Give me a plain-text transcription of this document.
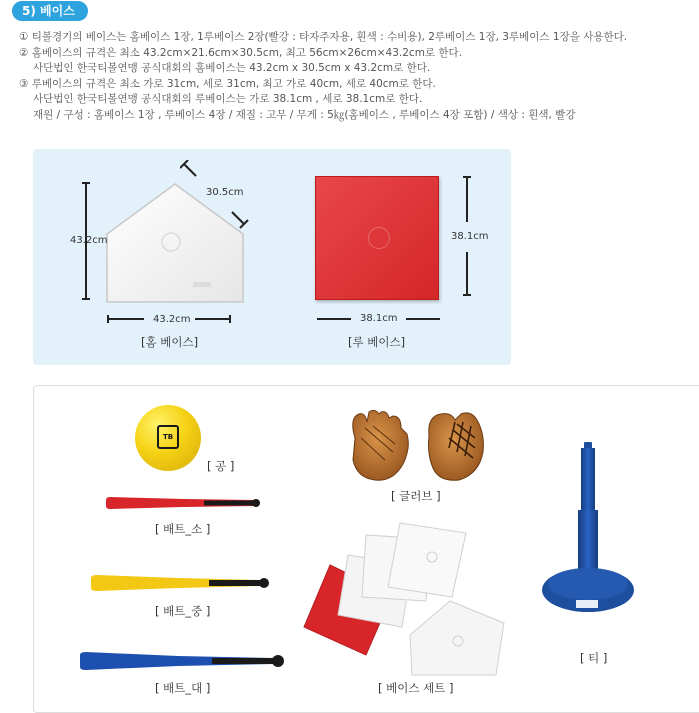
5) 베이스
① 티볼경기의 베이스는 홈베이스 1장, 1루베이스 2장(빨강 : 타자주자용, 흰색 : 수비용), 2루베이스 1장, 3루베이스 1장을 사용한다.
② 홈베이스의 규격은 최소 43.2cm×21.6cm×30.5cm, 최고 56cm×26cm×43.2cm로 한다.
사단법인 한국티볼연맹 공식대회의 홈베이스는 43.2cm x 30.5cm x 43.2cm로 한다.
③ 루베이스의 규격은 최소 가로 31cm, 세로 31cm, 최고 가로 40cm, 세로 40cm로 한다.
사단법인 한국티볼연맹 공식대회의 루베이스는 가로 38.1cm , 세로 38.1cm로 한다.
재원 / 구성 : 홈베이스 1장 , 루베이스 4장 / 재질 : 고무 / 무게 : 5㎏(홈베이스 , 루베이스 4장 포함) / 색상 : 흰색, 빨강
43.2cm
30.5cm
43.2cm
[홈 베이스]
38.1cm
38.1cm
[루 베이스]
TB
[ 공 ]
[ 글러브 ]
[ 배트_소 ]
[ 배트_중 ]
[ 배트_대 ]	[ 베이스 세트 ]
[ 티 ]
